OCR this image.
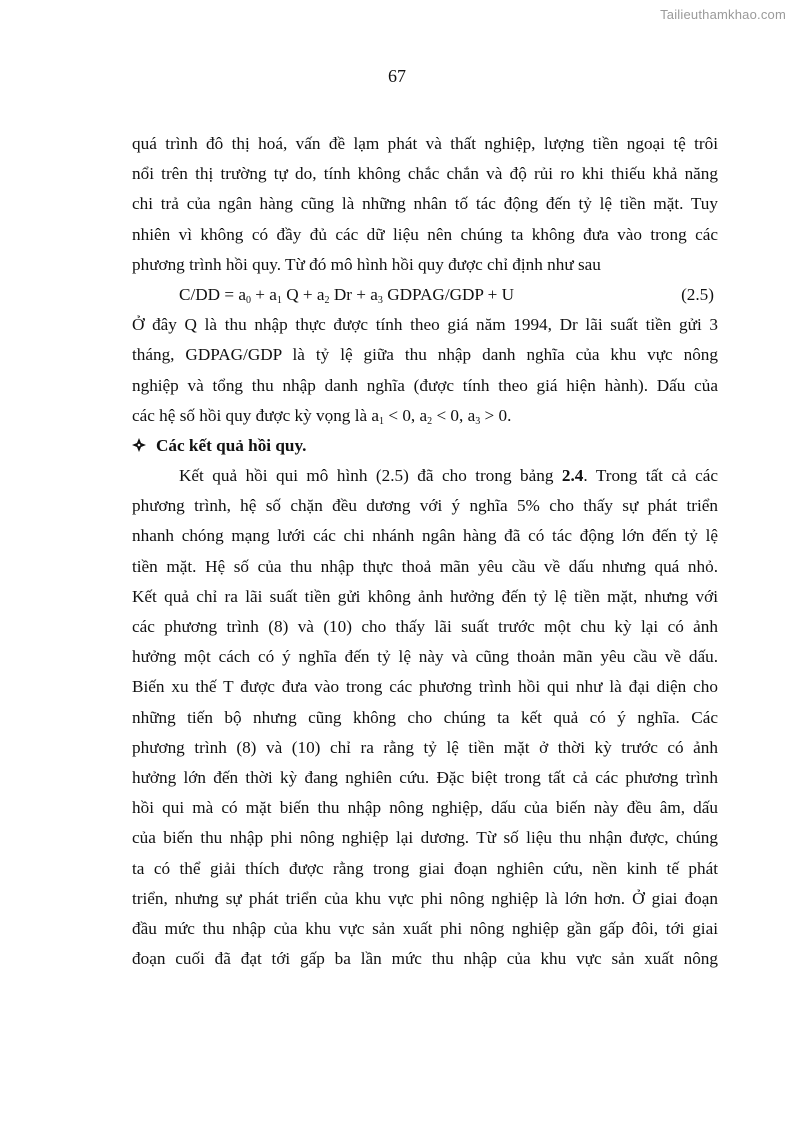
Tailieuthamkhao.com
67
quá trình đô thị hoá, vấn đề lạm phát và thất nghiệp, lượng tiền ngoại tệ trôi
nổi trên thị trường tự do, tính không chắc chắn và độ rủi ro khi thiếu khả năng
chi trả của ngân hàng cũng là những nhân tố tác động đến tỷ lệ tiền mặt. Tuy
nhiên vì không có đầy đủ các dữ liệu nên chúng ta không đưa vào trong các
phương trình hồi quy. Từ đó mô hình hồi quy được chỉ định như sau
$C/DD = a_0 + a_1$ $Q + a_2$ $Dr + a_3$ GDPAG/GDP + U	(2.5)
Ở đây Q là thu nhập thực được tính theo giá năm 1994, Dr lãi suất tiền gửi 3
tháng, GDPAG/GDP là tỷ lệ giữa thu nhập danh nghĩa của khu vực nông
nghiệp và tổng thu nhập danh nghĩa (được tính theo giá hiện hành). Dấu của
các hệ số hồi quy được kỳ vọng là $a_1 < 0$, $a_2 < 0$, $a_3 > 0$.
Các kết quả hồi quy.
Kết quả hồi qui mô hình (2.5) đã cho trong bảng 2.4. Trong tất cả các
phương trình, hệ số chặn đều dương với ý nghĩa 5% cho thấy sự phát triển
nhanh chóng mạng lưới các chi nhánh ngân hàng đã có tác động lớn đến tỷ lệ
tiền mặt. Hệ số của thu nhập thực thoả mãn yêu cầu về dấu nhưng quá nhỏ.
Kết quả chỉ ra lãi suất tiền gửi không ảnh hưởng đến tỷ lệ tiền mặt, nhưng với
các phương trình (8) và (10) cho thấy lãi suất trước một chu kỳ lại có ảnh
hưởng một cách có ý nghĩa đến tỷ lệ này và cũng thoản mãn yêu cầu về dấu.
Biến xu thế T được đưa vào trong các phương trình hồi qui như là đại diện cho
những tiến bộ nhưng cũng không cho chúng ta kết quả có ý nghĩa. Các
phương trình (8) và (10) chỉ ra rằng tỷ lệ tiền mặt ở thời kỳ trước có ảnh
hưởng lớn đến thời kỳ đang nghiên cứu. Đặc biệt trong tất cả các phương trình
hồi qui mà có mặt biến thu nhập nông nghiệp, dấu của biến này đều âm, dấu
của biến thu nhập phi nông nghiệp lại dương. Từ số liệu thu nhận được, chúng
ta có thể giải thích được rằng trong giai đoạn nghiên cứu, nền kinh tế phát
triển, nhưng sự phát triển của khu vực phi nông nghiệp là lớn hơn. Ở giai đoạn
đầu mức thu nhập của khu vực sản xuất phi nông nghiệp gần gấp đôi, tới giai
đoạn cuối đã đạt tới gấp ba lần mức thu nhập của khu vực sản xuất nông
